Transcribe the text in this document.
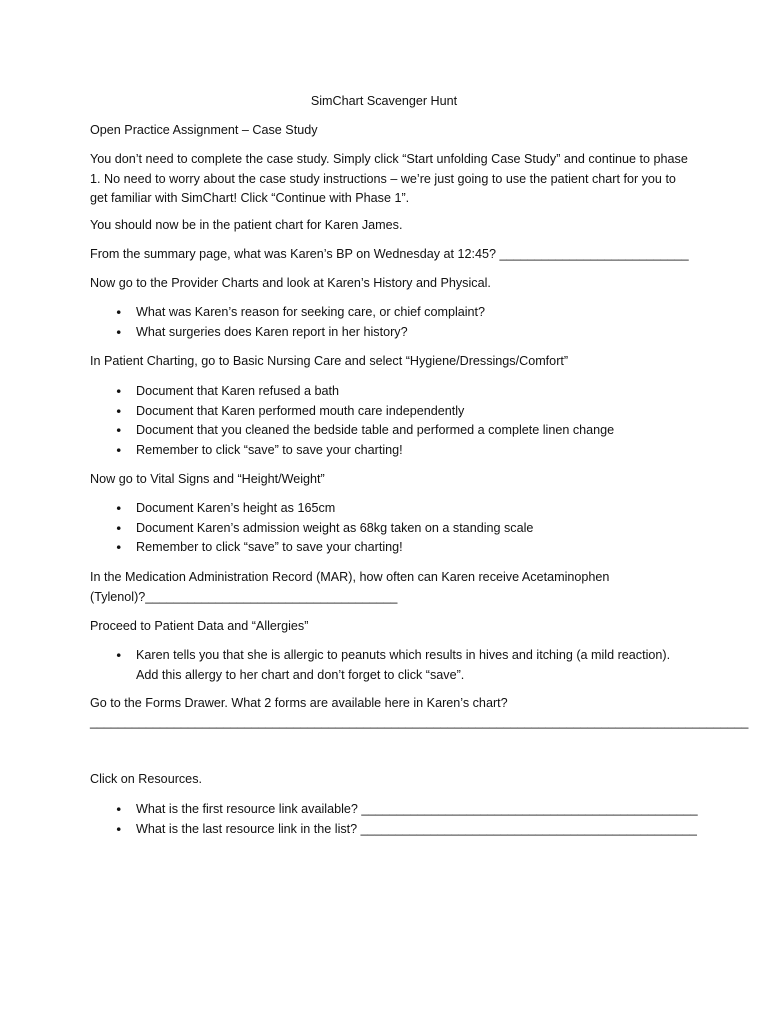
SimChart Scavenger Hunt

Open Practice Assignment – Case Study

You don’t need to complete the case study. Simply click “Start unfolding Case Study” and continue to phase 1. No need to worry about the case study instructions – we’re just going to use the patient chart for you to get familiar with SimChart! Click “Continue with Phase 1”.

You should now be in the patient chart for Karen James.

From the summary page, what was Karen’s BP on Wednesday at 12:45? ___________________________

Now go to the Provider Charts and look at Karen’s History and Physical.

• What was Karen’s reason for seeking care, or chief complaint?
• What surgeries does Karen report in her history?

In Patient Charting, go to Basic Nursing Care and select “Hygiene/Dressings/Comfort”

• Document that Karen refused a bath
• Document that Karen performed mouth care independently
• Document that you cleaned the bedside table and performed a complete linen change
• Remember to click “save” to save your charting!

Now go to Vital Signs and “Height/Weight”

• Document Karen’s height as 165cm
• Document Karen’s admission weight as 68kg taken on a standing scale
• Remember to click “save” to save your charting!

In the Medication Administration Record (MAR), how often can Karen receive Acetaminophen (Tylenol)?____________________________________

Proceed to Patient Data and “Allergies”

• Karen tells you that she is allergic to peanuts which results in hives and itching (a mild reaction). Add this allergy to her chart and don’t forget to click “save”.

Go to the Forms Drawer. What 2 forms are available here in Karen’s chart?

______________________________________________________________________________________________

Click on Resources.

• What is the first resource link available? ________________________________________________
• What is the last resource link in the list? ________________________________________________
